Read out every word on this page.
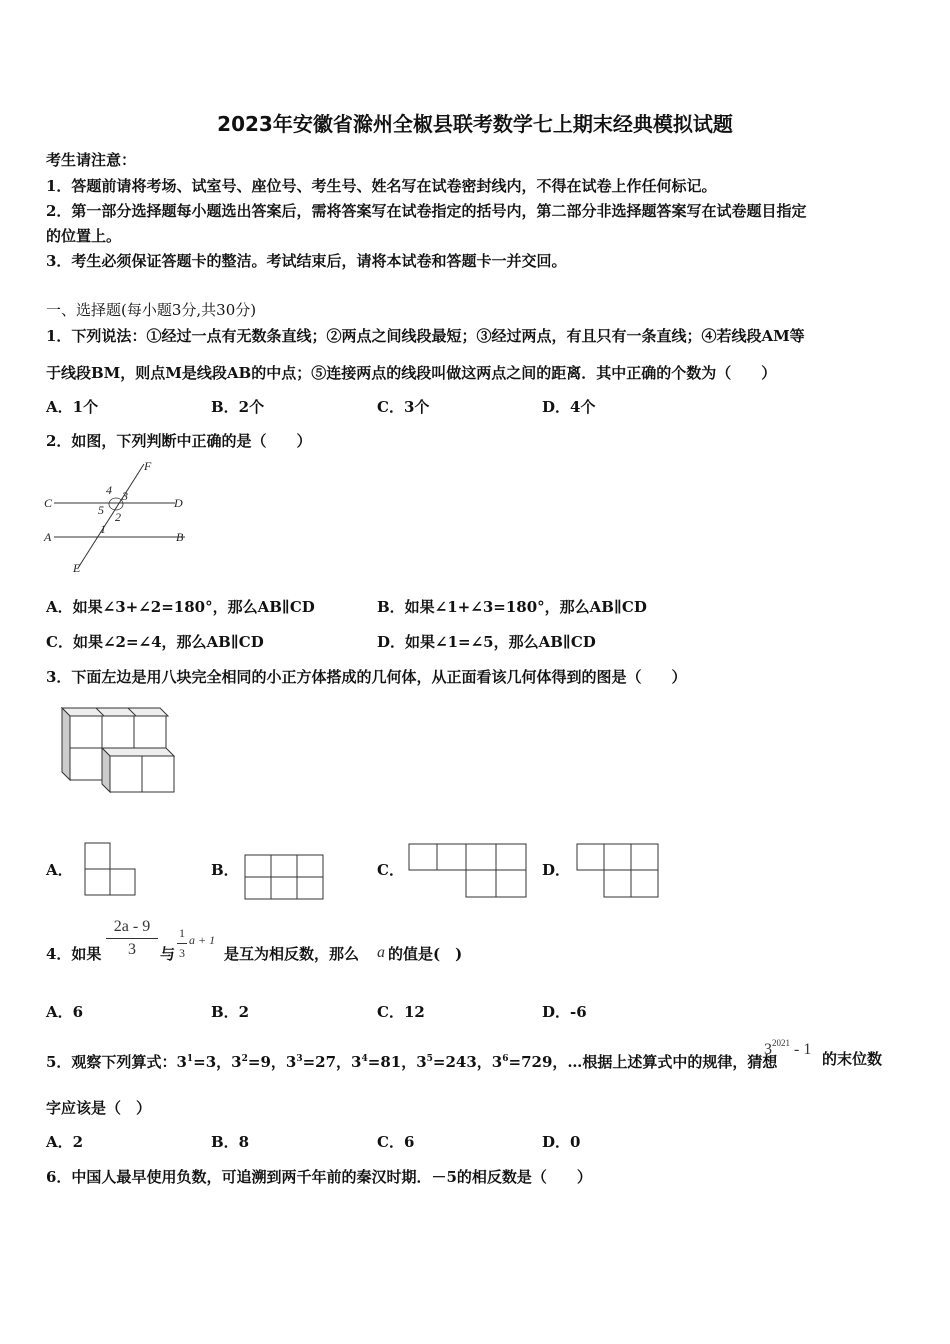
2023年安徽省滁州全椒县联考数学七上期末经典模拟试题
考生请注意：
1．答题前请将考场、试室号、座位号、考生号、姓名写在试卷密封线内，不得在试卷上作任何标记。
2．第一部分选择题每小题选出答案后，需将答案写在试卷指定的括号内，第二部分非选择题答案写在试卷题目指定
的位置上。
3．考生必须保证答题卡的整洁。考试结束后，请将本试卷和答题卡一并交回。
一、选择题(每小题3分,共30分)
1．下列说法：①经过一点有无数条直线；②两点之间线段最短；③经过两点，有且只有一条直线；④若线段AM等
于线段BM，则点M是线段AB的中点；⑤连接两点的线段叫做这两点之间的距离．其中正确的个数为（　　）
A．1个	B．2个	C．3个	D．4个
2．如图，下列判断中正确的是（　　）
F
C	D
A	B
E
4 3
5 2
1
A．如果∠3+∠2=180°，那么AB∥CD	B．如果∠1+∠3=180°，那么AB∥CD
C．如果∠2=∠4，那么AB∥CD	D．如果∠1=∠5，那么AB∥CD
3．下面左边是用八块完全相同的小正方体搭成的几何体，从正面看该几何体得到的图是（　　）
A．	B．	C．	D．
4．如果
2a - 9
3	与
1
3
a + 1
是互为相反数，那么 a 的值是(　)
A．6	B．2	C．12	D．-6
5．观察下列算式：$3^1=3$，$3^2=9$，$3^3=27$，$3^4=81$，$3^5=243$，$3^6=729$，…根据上述算式中的规律，猜想
$3^{2021} - 1$
的末位数
字应该是（　）
A．2	B．8	C．6	D．0
6．中国人最早使用负数，可追溯到两千年前的秦汉时期．－5的相反数是（　　）
